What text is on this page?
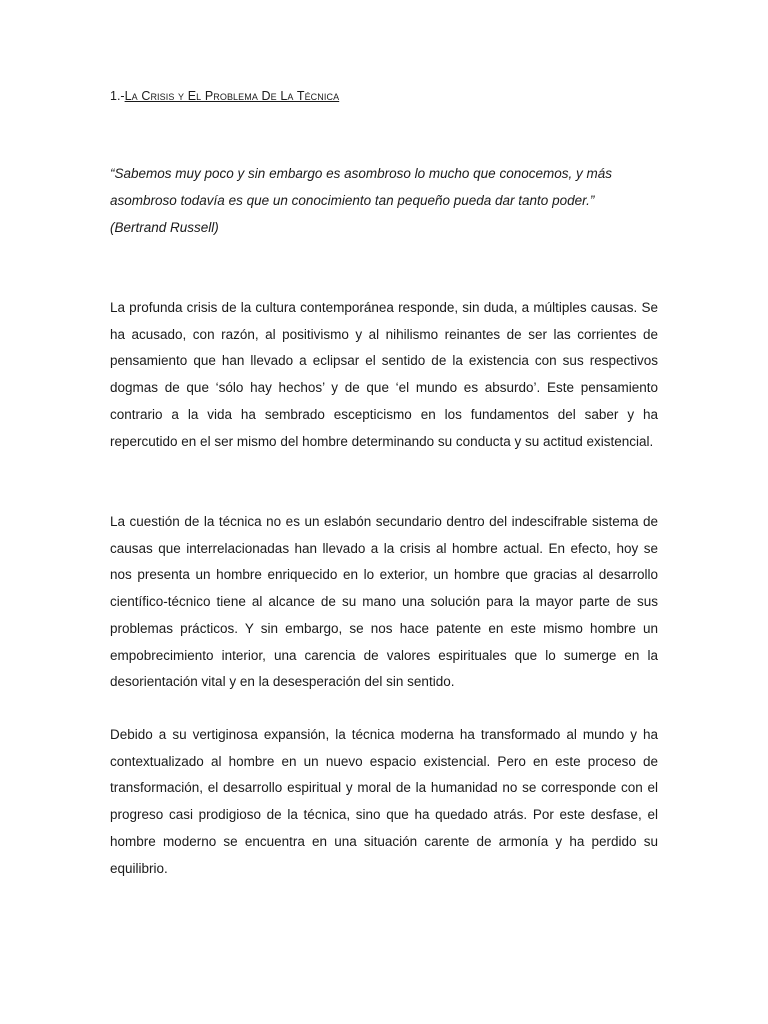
1.-La Crisis y El Problema De La Técnica

“Sabemos muy poco y sin embargo es asombroso lo mucho que conocemos, y más asombroso todavía es que un conocimiento tan pequeño pueda dar tanto poder.”

(Bertrand Russell)

La profunda crisis de la cultura contemporánea responde, sin duda, a múltiples causas. Se ha acusado, con razón, al positivismo y al nihilismo reinantes de ser las corrientes de pensamiento que han llevado a eclipsar el sentido de la existencia con sus respectivos dogmas de que ‘sólo hay hechos’ y de que ‘el mundo es absurdo’. Este pensamiento contrario a la vida ha sembrado escepticismo en los fundamentos del saber y ha repercutido en el ser mismo del hombre determinando su conducta y su actitud existencial.

La cuestión de la técnica no es un eslabón secundario dentro del indescifrable sistema de causas que interrelacionadas han llevado a la crisis al hombre actual. En efecto, hoy se nos presenta un hombre enriquecido en lo exterior, un hombre que gracias al desarrollo científico-técnico tiene al alcance de su mano una solución para la mayor parte de sus problemas prácticos. Y sin embargo, se nos hace patente en este mismo hombre un empobrecimiento interior, una carencia de valores espirituales que lo sumerge en la desorientación vital y en la desesperación del sin sentido.

Debido a su vertiginosa expansión, la técnica moderna ha transformado al mundo y ha contextualizado al hombre en un nuevo espacio existencial. Pero en este proceso de transformación, el desarrollo espiritual y moral de la humanidad no se corresponde con el progreso casi prodigioso de la técnica, sino que ha quedado atrás. Por este desfase, el hombre moderno se encuentra en una situación carente de armonía y ha perdido su equilibrio.
